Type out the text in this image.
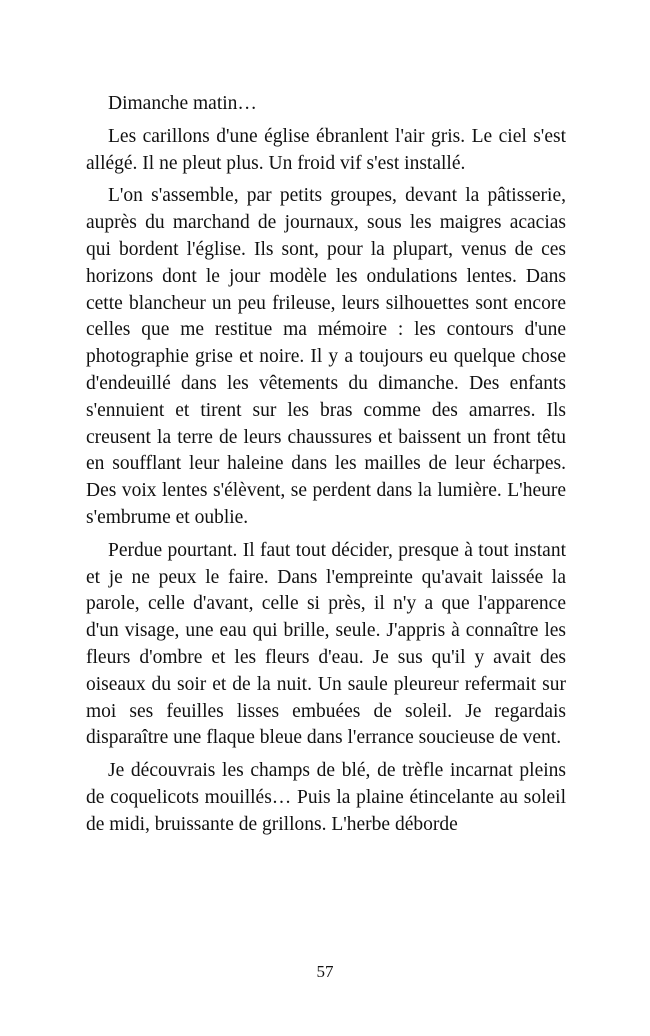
Dimanche matin…

Les carillons d'une église ébranlent l'air gris. Le ciel s'est allégé. Il ne pleut plus. Un froid vif s'est installé.

L'on s'assemble, par petits groupes, devant la pâtisserie, auprès du marchand de journaux, sous les maigres acacias qui bordent l'église. Ils sont, pour la plupart, venus de ces horizons dont le jour modèle les ondulations lentes. Dans cette blancheur un peu frileuse, leurs silhouettes sont encore celles que me restitue ma mémoire : les contours d'une photographie grise et noire. Il y a toujours eu quelque chose d'endeuillé dans les vêtements du dimanche. Des enfants s'ennuient et tirent sur les bras comme des amarres. Ils creusent la terre de leurs chaussures et baissent un front têtu en soufflant leur haleine dans les mailles de leur écharpes. Des voix lentes s'élèvent, se perdent dans la lumière. L'heure s'embrume et oublie.

Perdue pourtant. Il faut tout décider, presque à tout instant et je ne peux le faire. Dans l'empreinte qu'avait laissée la parole, celle d'avant, celle si près, il n'y a que l'apparence d'un visage, une eau qui brille, seule. J'appris à connaître les fleurs d'ombre et les fleurs d'eau. Je sus qu'il y avait des oiseaux du soir et de la nuit. Un saule pleureur refermait sur moi ses feuilles lisses embuées de soleil. Je regardais disparaître une flaque bleue dans l'errance soucieuse de vent.

Je découvrais les champs de blé, de trèfle incarnat pleins de coquelicots mouillés… Puis la plaine étincelante au soleil de midi, bruissante de grillons. L'herbe déborde

57
